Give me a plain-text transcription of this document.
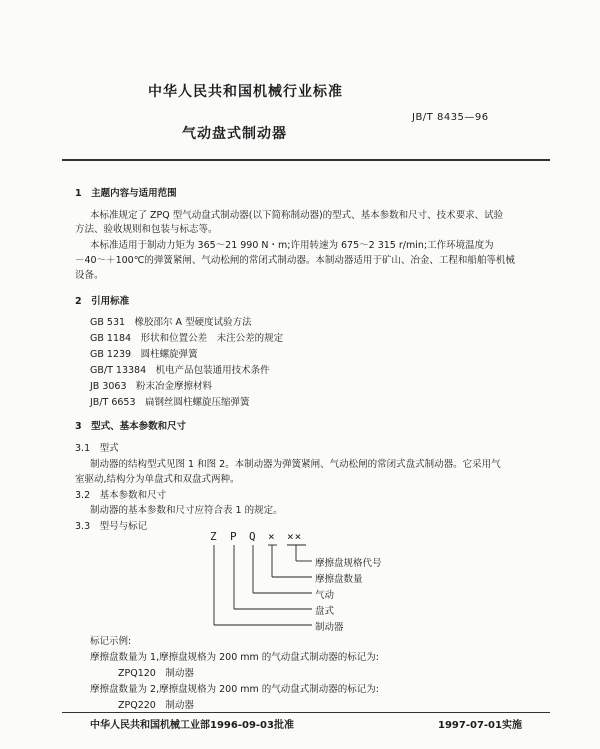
中华人民共和国机械行业标准
JB/T 8435—96
气动盘式制动器
1　主题内容与适用范围
本标准规定了 ZPQ 型气动盘式制动器(以下简称制动器)的型式、基本参数和尺寸、技术要求、试验
方法、验收规则和包装与标志等。
本标准适用于制动力矩为 365～21 990 N・m;许用转速为 675～2 315 r/min;工作环境温度为
－40～＋100℃的弹簧紧闸、气动松闸的常闭式制动器。本制动器适用于矿山、冶金、工程和船舶等机械
设备。
2　引用标准
GB 531　橡胶邵尔 A 型硬度试验方法
GB 1184　形状和位置公差　未注公差的规定
GB 1239　圆柱螺旋弹簧
GB/T 13384　机电产品包装通用技术条件
JB 3063　粉末冶金摩擦材料
JB/T 6653　扁钢丝圆柱螺旋压缩弹簧
3　型式、基本参数和尺寸
3.1　型式
制动器的结构型式见图 1 和图 2。本制动器为弹簧紧闸、气动松闸的常闭式盘式制动器。它采用气
室驱动,结构分为单盘式和双盘式两种。
3.2　基本参数和尺寸
制动器的基本参数和尺寸应符合表 1 的规定。
3.3　型号与标记
Z P Q × ××
摩擦盘规格代号
摩擦盘数量
气动
盘式
制动器
标记示例:
摩擦盘数量为 1,摩擦盘规格为 200 mm 的气动盘式制动器的标记为:
ZPQ120　制动器
摩擦盘数量为 2,摩擦盘规格为 200 mm 的气动盘式制动器的标记为:
ZPQ220　制动器
中华人民共和国机械工业部1996-09-03批准	1997-07-01实施
